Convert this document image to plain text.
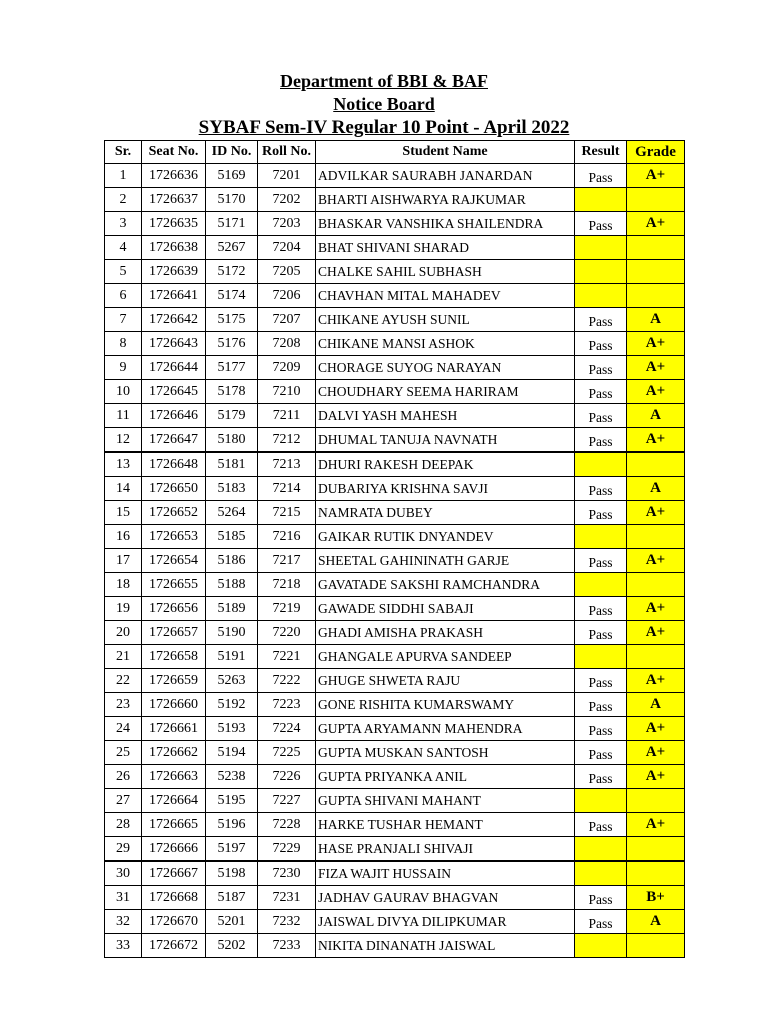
Department of BBI & BAF
Notice Board
SYBAF Sem-IV Regular 10 Point - April 2022
Sr.	Seat No.	ID No.	Roll No.	Student Name	Result	Grade
1	1726636	5169	7201	ADVILKAR SAURABH JANARDAN	Pass	A+
2	1726637	5170	7202	BHARTI AISHWARYA RAJKUMAR		
3	1726635	5171	7203	BHASKAR VANSHIKA SHAILENDRA	Pass	A+
4	1726638	5267	7204	BHAT SHIVANI SHARAD		
5	1726639	5172	7205	CHALKE SAHIL SUBHASH		
6	1726641	5174	7206	CHAVHAN MITAL MAHADEV		
7	1726642	5175	7207	CHIKANE AYUSH SUNIL	Pass	A
8	1726643	5176	7208	CHIKANE MANSI ASHOK	Pass	A+
9	1726644	5177	7209	CHORAGE SUYOG NARAYAN	Pass	A+
10	1726645	5178	7210	CHOUDHARY SEEMA HARIRAM	Pass	A+
11	1726646	5179	7211	DALVI YASH MAHESH	Pass	A
12	1726647	5180	7212	DHUMAL TANUJA NAVNATH	Pass	A+
13	1726648	5181	7213	DHURI RAKESH DEEPAK		
14	1726650	5183	7214	DUBARIYA KRISHNA SAVJI	Pass	A
15	1726652	5264	7215	NAMRATA DUBEY	Pass	A+
16	1726653	5185	7216	GAIKAR RUTIK DNYANDEV		
17	1726654	5186	7217	SHEETAL GAHININATH GARJE	Pass	A+
18	1726655	5188	7218	GAVATADE SAKSHI RAMCHANDRA		
19	1726656	5189	7219	GAWADE SIDDHI SABAJI	Pass	A+
20	1726657	5190	7220	GHADI AMISHA PRAKASH	Pass	A+
21	1726658	5191	7221	GHANGALE APURVA SANDEEP		
22	1726659	5263	7222	GHUGE SHWETA RAJU	Pass	A+
23	1726660	5192	7223	GONE RISHITA KUMARSWAMY	Pass	A
24	1726661	5193	7224	GUPTA ARYAMANN MAHENDRA	Pass	A+
25	1726662	5194	7225	GUPTA MUSKAN SANTOSH	Pass	A+
26	1726663	5238	7226	GUPTA PRIYANKA ANIL	Pass	A+
27	1726664	5195	7227	GUPTA SHIVANI MAHANT		
28	1726665	5196	7228	HARKE TUSHAR HEMANT	Pass	A+
29	1726666	5197	7229	HASE PRANJALI SHIVAJI		
30	1726667	5198	7230	FIZA WAJIT HUSSAIN		
31	1726668	5187	7231	JADHAV GAURAV BHAGVAN	Pass	B+
32	1726670	5201	7232	JAISWAL DIVYA DILIPKUMAR	Pass	A
33	1726672	5202	7233	NIKITA DINANATH JAISWAL		
